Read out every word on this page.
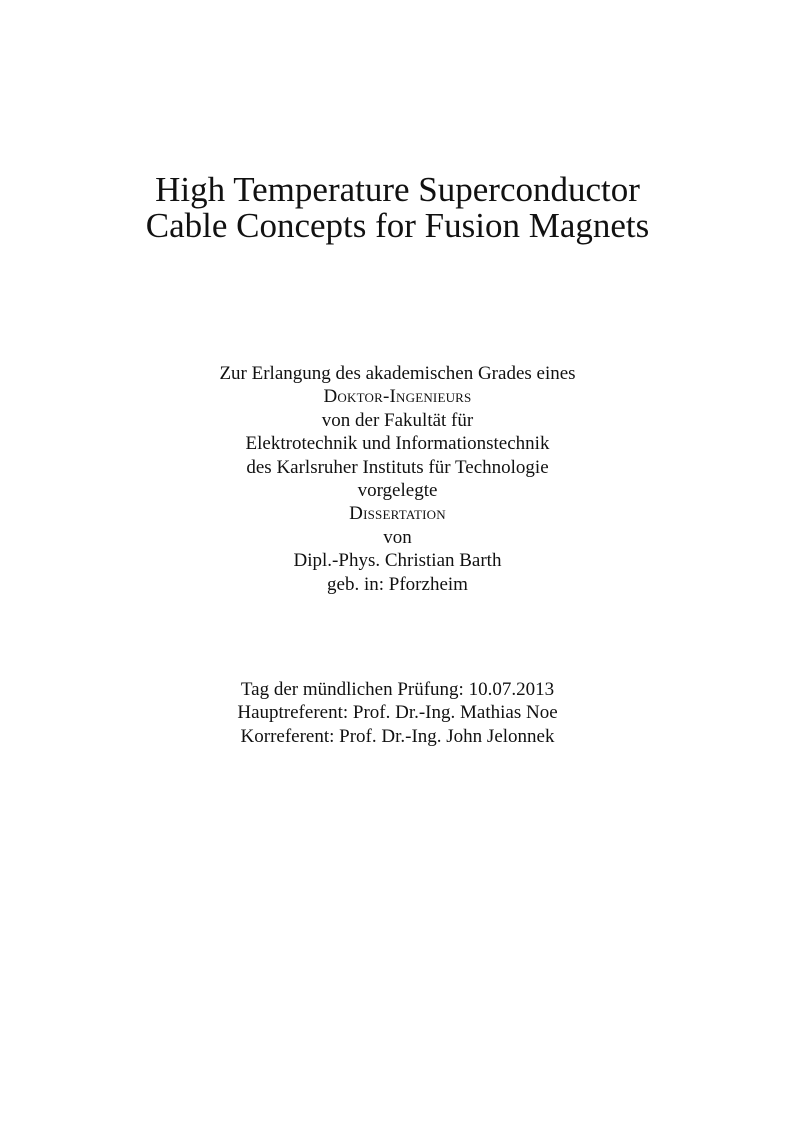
High Temperature Superconductor
Cable Concepts for Fusion Magnets
Zur Erlangung des akademischen Grades eines
Doktor-Ingenieurs
von der Fakultät für
Elektrotechnik und Informationstechnik
des Karlsruher Instituts für Technologie
vorgelegte
Dissertation
von
Dipl.-Phys. Christian Barth
geb. in: Pforzheim
Tag der mündlichen Prüfung: 10.07.2013
Hauptreferent: Prof. Dr.-Ing. Mathias Noe
Korreferent: Prof. Dr.-Ing. John Jelonnek
